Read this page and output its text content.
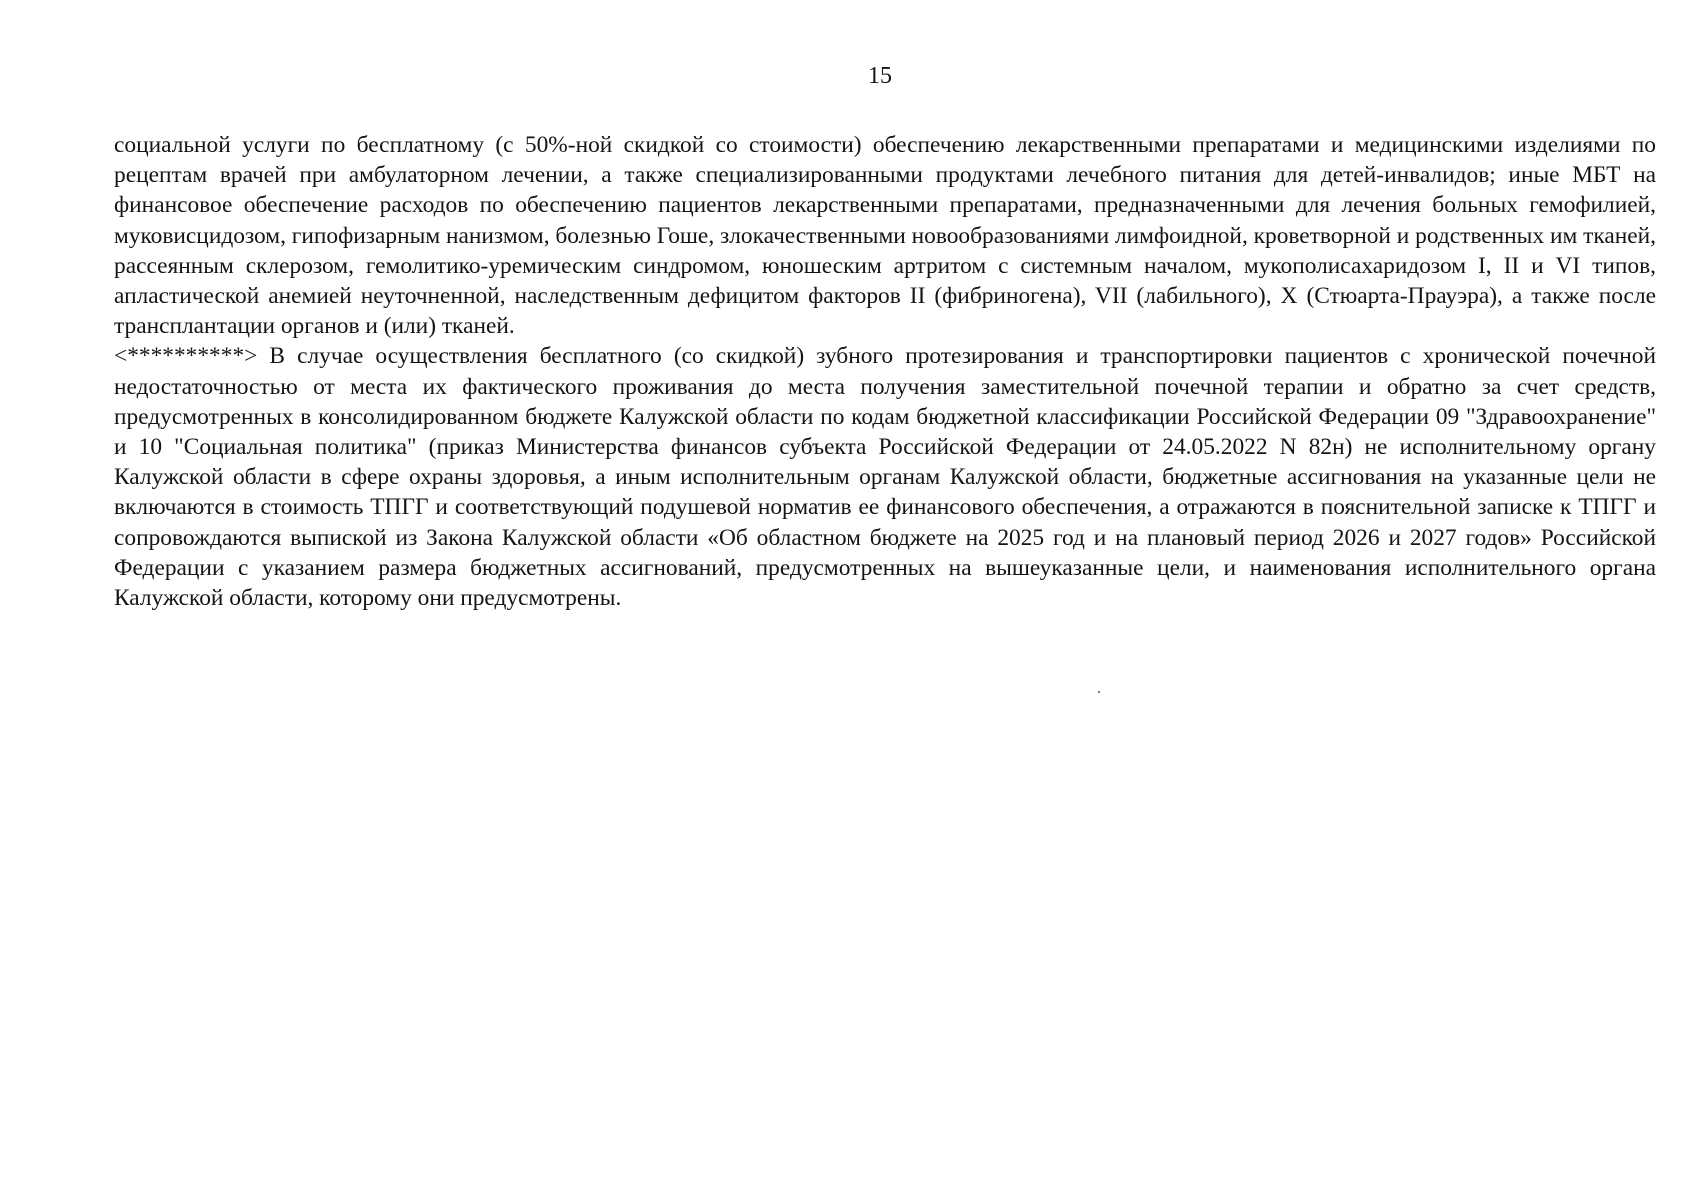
15

социальной услуги по бесплатному (с 50%-ной скидкой со стоимости) обеспечению лекарственными препаратами и медицинскими изделиями по рецептам врачей при амбулаторном лечении, а также специализированными продуктами лечебного питания для детей-инвалидов; иные МБТ на финансовое обеспечение расходов по обеспечению пациентов лекарственными препаратами, предназначенными для лечения больных гемофилией, муковисцидозом, гипофизарным нанизмом, болезнью Гоше, злокачественными новообразованиями лимфоидной, кроветворной и родственных им тканей, рассеянным склерозом, гемолитико-уремическим синдромом, юношеским артритом с системным началом, мукополисахаридозом I, II и VI типов, апластической анемией неуточненной, наследственным дефицитом факторов II (фибриногена), VII (лабильного), X (Стюарта-Прауэра), а также после трансплантации органов и (или) тканей.

<**********> В случае осуществления бесплатного (со скидкой) зубного протезирования и транспортировки пациентов с хронической почечной недостаточностью от места их фактического проживания до места получения заместительной почечной терапии и обратно за счет средств, предусмотренных в консолидированном бюджете Калужской области по кодам бюджетной классификации Российской Федерации 09 "Здравоохранение" и 10 "Социальная политика" (приказ Министерства финансов субъекта Российской Федерации от 24.05.2022 N 82н) не исполнительному органу Калужской области в сфере охраны здоровья, а иным исполнительным органам Калужской области, бюджетные ассигнования на указанные цели не включаются в стоимость ТПГГ и соответствующий подушевой норматив ее финансового обеспечения, а отражаются в пояснительной записке к ТПГГ и сопровождаются выпиской из Закона Калужской области «Об областном бюджете на 2025 год и на плановый период 2026 и 2027 годов» Российской Федерации с указанием размера бюджетных ассигнований, предусмотренных на вышеуказанные цели, и наименования исполнительного органа Калужской области, которому они предусмотрены.
